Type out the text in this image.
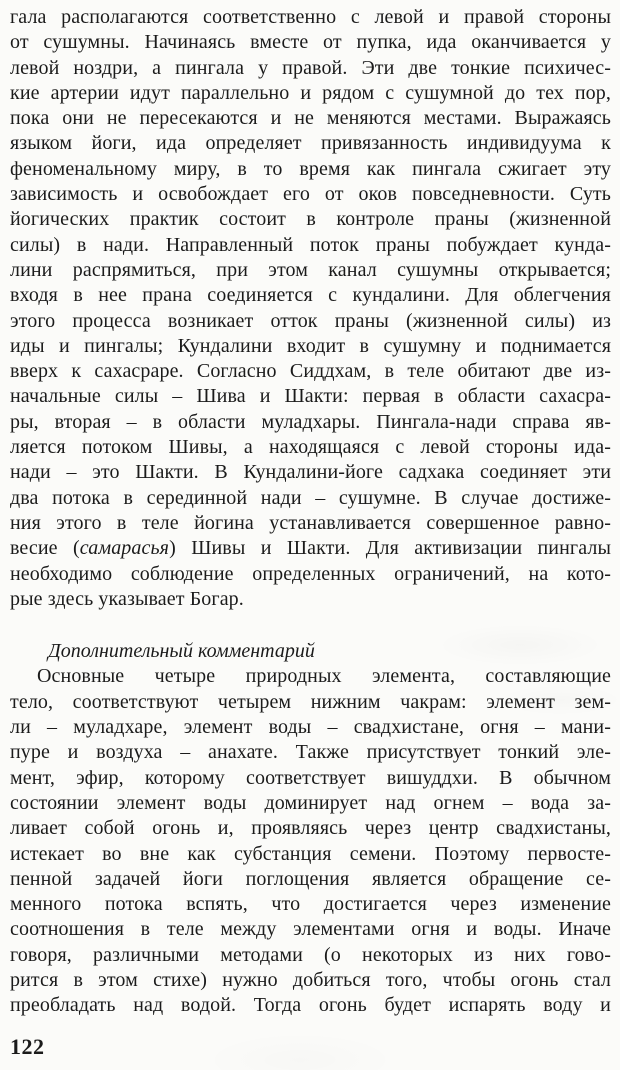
гала располагаются соответственно с левой и правой стороны
от сушумны. Начинаясь вместе от пупка, ида оканчивается у
левой ноздри, а пингала у правой. Эти две тонкие психичес-
кие артерии идут параллельно и рядом с сушумной до тех пор,
пока они не пересекаются и не меняются местами. Выражаясь
языком йоги, ида определяет привязанность индивидуума к
феноменальному миру, в то время как пингала сжигает эту
зависимость и освобождает его от оков повседневности. Суть
йогических практик состоит в контроле праны (жизненной
силы) в нади. Направленный поток праны побуждает кунда-
лини распрямиться, при этом канал сушумны открывается;
входя в нее прана соединяется с кундалини. Для облегчения
этого процесса возникает отток праны (жизненной силы) из
иды и пингалы; Кундалини входит в сушумну и поднимается
вверх к сахасраре. Согласно Сиддхам, в теле обитают две из-
начальные силы – Шива и Шакти: первая в области сахасра-
ры, вторая – в области муладхары. Пингала-нади справа яв-
ляется потоком Шивы, а находящаяся с левой стороны ида-
нади – это Шакти. В Кундалини-йоге садхака соединяет эти
два потока в серединной нади – сушумне. В случае достиже-
ния этого в теле йогина устанавливается совершенное равно-
весие (самарасья) Шивы и Шакти. Для активизации пингалы
необходимо соблюдение определенных ограничений, на кото-
рые здесь указывает Богар.
Дополнительный комментарий
Основные четыре природных элемента, составляющие
тело, соответствуют четырем нижним чакрам: элемент зем-
ли – муладхаре, элемент воды – свадхистане, огня – мани-
пуре и воздуха – анахате. Также присутствует тонкий эле-
мент, эфир, которому соответствует вишуддхи. В обычном
состоянии элемент воды доминирует над огнем – вода за-
ливает собой огонь и, проявляясь через центр свадхистаны,
истекает во вне как субстанция семени. Поэтому первосте-
пенной задачей йоги поглощения является обращение се-
менного потока вспять, что достигается через изменение
соотношения в теле между элементами огня и воды. Иначе
говоря, различными методами (о некоторых из них гово-
рится в этом стихе) нужно добиться того, чтобы огонь стал
преобладать над водой. Тогда огонь будет испарять воду и
122
